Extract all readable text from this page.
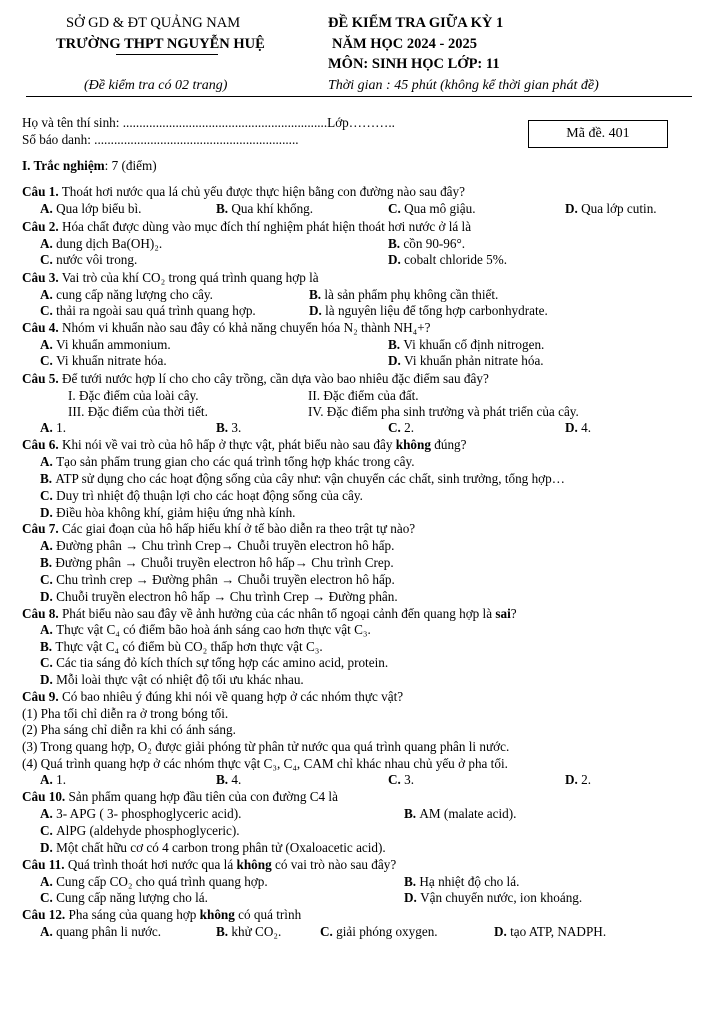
SỞ GD & ĐT QUẢNG NAM
TRƯỜNG THPT NGUYỄN HUỆ
(Đề kiểm tra có 02 trang)
ĐỀ KIỂM TRA GIỮA KỲ 1
NĂM HỌC 2024 - 2025
MÔN: SINH HỌC LỚP: 11
Thời gian : 45 phút (không kể thời gian phát đề)
Họ và tên thí sinh: ..............................................................Lớp………..
Số báo danh: ..............................................................	Mã đề. 401
I. Trắc nghiệm: 7 (điểm)
Câu 1. Thoát hơi nước qua lá chủ yếu được thực hiện bằng con đường nào sau đây?
A. Qua lớp biểu bì.	B. Qua khí khổng.	C. Qua mô giậu.	D. Qua lớp cutin.
Câu 2. Hóa chất được dùng vào mục đích thí nghiệm phát hiện thoát hơi nước ở lá là
A. dung dịch Ba(OH)₂.	B. cồn 90-96°.
C. nước vôi trong.	D. cobalt chloride 5%.
Câu 3. Vai trò của khí CO₂ trong quá trình quang hợp là
A. cung cấp năng lượng cho cây.	B. là sản phẩm phụ không cần thiết.
C. thải ra ngoài sau quá trình quang hợp.	D. là nguyên liệu để tổng hợp carbonhydrate.
Câu 4. Nhóm vi khuẩn nào sau đây có khả năng chuyển hóa N₂ thành NH₄+?
A. Vi khuẩn ammonium.	B. Vi khuẩn cố định nitrogen.
C. Vi khuẩn nitrate hóa.	D. Vi khuẩn phản nitrate hóa.
Câu 5. Để tưới nước hợp lí cho cho cây trồng, cần dựa vào bao nhiêu đặc điểm sau đây?
I. Đặc điểm của loài cây.	II. Đặc điểm của đất.
III. Đặc điểm của thời tiết.	IV. Đặc điểm pha sinh trưởng và phát triển của cây.
A. 1.	B. 3.	C. 2.	D. 4.
Câu 6. Khi nói về vai trò của hô hấp ở thực vật, phát biểu nào sau đây không đúng?
A. Tạo sản phẩm trung gian cho các quá trình tổng hợp khác trong cây.
B. ATP sử dụng cho các hoạt động sống của cây như: vận chuyển các chất, sinh trưởng, tổng hợp…
C. Duy trì nhiệt độ thuận lợi cho các hoạt động sống của cây.
D. Điều hòa không khí, giảm hiệu ứng nhà kính.
Câu 7. Các giai đoạn của hô hấp hiếu khí ở tế bào diễn ra theo trật tự nào?
A. Đường phân → Chu trình Crep→ Chuỗi truyền electron hô hấp.
B. Đường phân → Chuỗi truyền electron hô hấp→ Chu trình Crep.
C. Chu trình crep → Đường phân → Chuỗi truyền electron hô hấp.
D. Chuỗi truyền electron hô hấp → Chu trình Crep → Đường phân.
Câu 8. Phát biểu nào sau đây về ảnh hưởng của các nhân tố ngoại cảnh đến quang hợp là sai?
A. Thực vật C₄ có điểm bão hoà ánh sáng cao hơn thực vật C₃.
B. Thực vật C₄ có điểm bù CO₂ thấp hơn thực vật C₃.
C. Các tia sáng đỏ kích thích sự tổng hợp các amino acid, protein.
D. Mỗi loài thực vật có nhiệt độ tối ưu khác nhau.
Câu 9. Có bao nhiêu ý đúng khi nói về quang hợp ở các nhóm thực vật?
(1) Pha tối chỉ diễn ra ở trong bóng tối.
(2) Pha sáng chỉ diễn ra khi có ánh sáng.
(3) Trong quang hợp, O₂ được giải phóng từ phân tử nước qua quá trình quang phân li nước.
(4) Quá trình quang hợp ở các nhóm thực vật C₃, C₄, CAM chỉ khác nhau chủ yếu ở pha tối.
A. 1.	B. 4.	C. 3.	D. 2.
Câu 10. Sản phẩm quang hợp đầu tiên của con đường C4 là
A. 3- APG ( 3- phosphoglyceric acid).	B. AM (malate acid).
C. AlPG (aldehyde phosphoglyceric).
D. Một chất hữu cơ có 4 carbon trong phân tử (Oxaloacetic acid).
Câu 11. Quá trình thoát hơi nước qua lá không có vai trò nào sau đây?
A. Cung cấp CO₂ cho quá trình quang hợp.	B. Hạ nhiệt độ cho lá.
C. Cung cấp năng lượng cho lá.	D. Vận chuyển nước, ion khoáng.
Câu 12. Pha sáng của quang hợp không có quá trình
A. quang phân li nước.	B. khử CO₂.	C. giải phóng oxygen.	D. tạo ATP, NADPH.
